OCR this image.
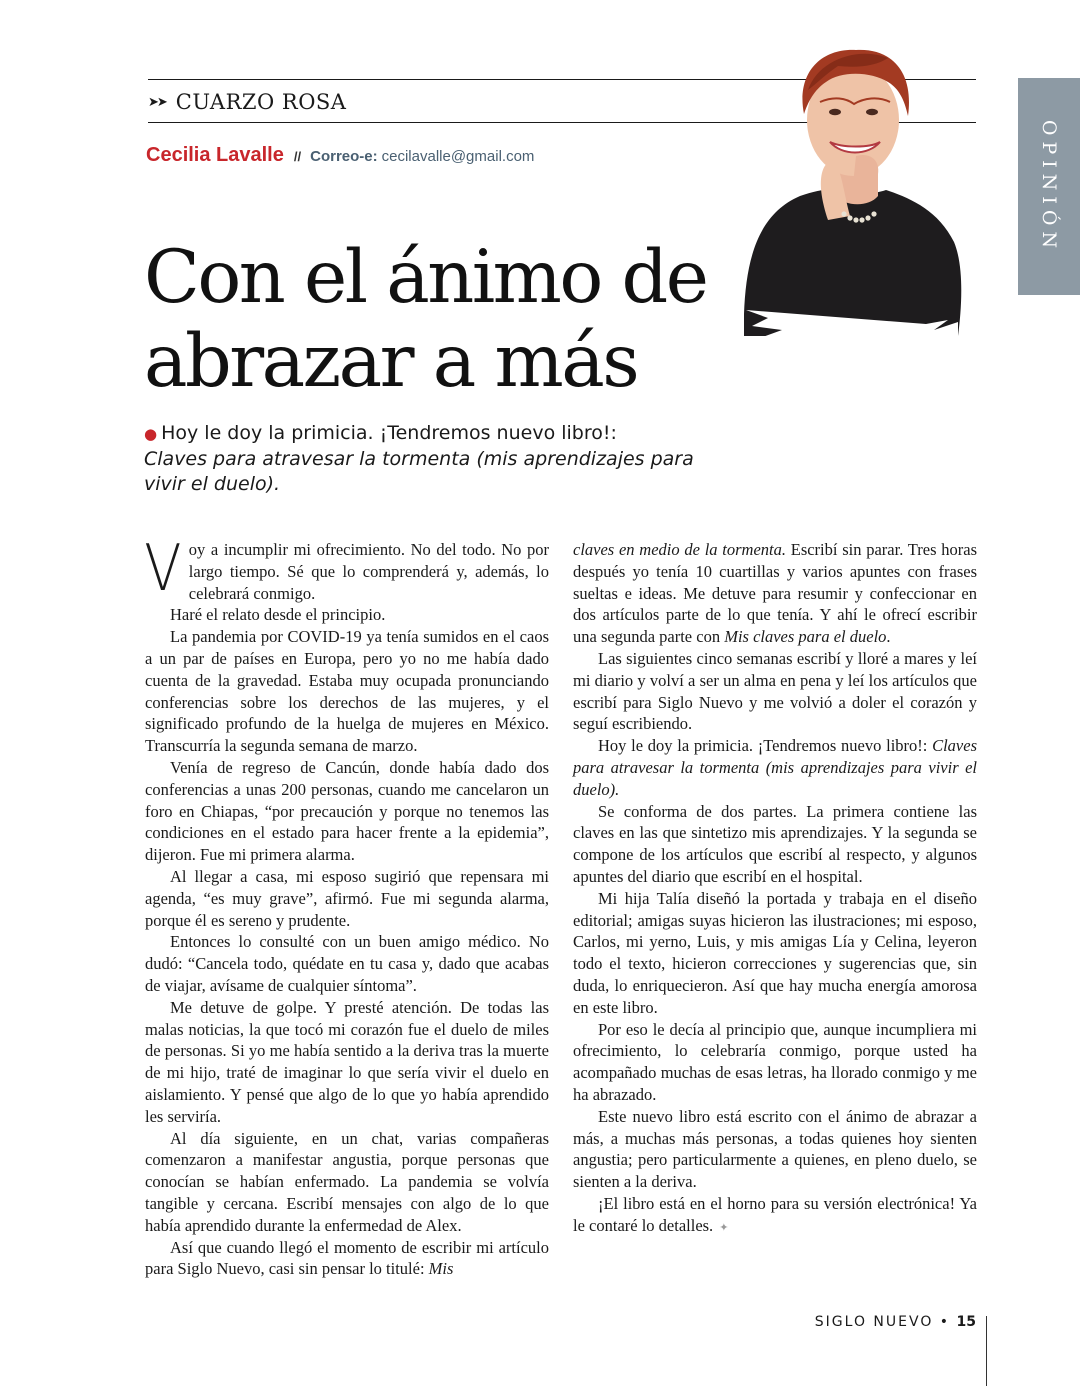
OPINIÓN
➤➤ CUARZO ROSA
Cecilia Lavalle // Correo-e: cecilavalle@gmail.com
Con el ánimo de
abrazar a más
● Hoy le doy la primicia. ¡Tendremos nuevo libro!:
Claves para atravesar la tormenta (mis aprendizajes para vivir el duelo).

Voy a incumplir mi ofrecimiento. No del todo. No por largo tiempo. Sé que lo comprenderá y, además, lo celebrará conmigo.

Haré el relato desde el principio.

La pandemia por COVID-19 ya tenía sumidos en el caos a un par de países en Europa, pero yo no me había dado cuenta de la gravedad. Estaba muy ocupada pronunciando conferencias sobre los derechos de las mujeres, y el significado profundo de la huelga de mujeres en México. Transcurría la segunda semana de marzo.

Venía de regreso de Cancún, donde había dado dos conferencias a unas 200 personas, cuando me cancelaron un foro en Chiapas, “por precaución y porque no tenemos las condiciones en el estado para hacer frente a la epidemia”, dijeron. Fue mi primera alarma.

Al llegar a casa, mi esposo sugirió que repensara mi agenda, “es muy grave”, afirmó. Fue mi segunda alarma, porque él es sereno y prudente.

Entonces lo consulté con un buen amigo médico. No dudó: “Cancela todo, quédate en tu casa y, dado que acabas de viajar, avísame de cualquier síntoma”.

Me detuve de golpe. Y presté atención. De todas las malas noticias, la que tocó mi corazón fue el duelo de miles de personas. Si yo me había sentido a la deriva tras la muerte de mi hijo, traté de imaginar lo que sería vivir el duelo en aislamiento. Y pensé que algo de lo que yo había aprendido les serviría.

Al día siguiente, en un chat, varias compañeras comenzaron a manifestar angustia, porque personas que conocían se habían enfermado. La pandemia se volvía tangible y cercana. Escribí mensajes con algo de lo que había aprendido durante la enfermedad de Alex.

Así que cuando llegó el momento de escribir mi artículo para Siglo Nuevo, casi sin pensar lo titulé: Mis

claves en medio de la tormenta. Escribí sin parar. Tres horas después yo tenía 10 cuartillas y varios apuntes con frases sueltas e ideas. Me detuve para resumir y confeccionar en dos artículos parte de lo que tenía. Y ahí le ofrecí escribir una segunda parte con Mis claves para el duelo.

Las siguientes cinco semanas escribí y lloré a mares y leí mi diario y volví a ser un alma en pena y leí los artículos que escribí para Siglo Nuevo y me volvió a doler el corazón y seguí escribiendo.

Hoy le doy la primicia. ¡Tendremos nuevo libro!: Claves para atravesar la tormenta (mis aprendizajes para vivir el duelo).

Se conforma de dos partes. La primera contiene las claves en las que sintetizo mis aprendizajes. Y la segunda se compone de los artículos que escribí al respecto, y algunos apuntes del diario que escribí en el hospital.

Mi hija Talía diseñó la portada y trabaja en el diseño editorial; amigas suyas hicieron las ilustraciones; mi esposo, Carlos, mi yerno, Luis, y mis amigas Lía y Celina, leyeron todo el texto, hicieron correcciones y sugerencias que, sin duda, lo enriquecieron. Así que hay mucha energía amorosa en este libro.

Por eso le decía al principio que, aunque incumpliera mi ofrecimiento, lo celebraría conmigo, porque usted ha acompañado muchas de esas letras, ha llorado conmigo y me ha abrazado.

Este nuevo libro está escrito con el ánimo de abrazar a más, a muchas más personas, a todas quienes hoy sienten angustia; pero particularmente a quienes, en pleno duelo, se sienten a la deriva.

¡El libro está en el horno para su versión electrónica! Ya le contaré lo detalles. ✦

SIGLO NUEVO • 15
